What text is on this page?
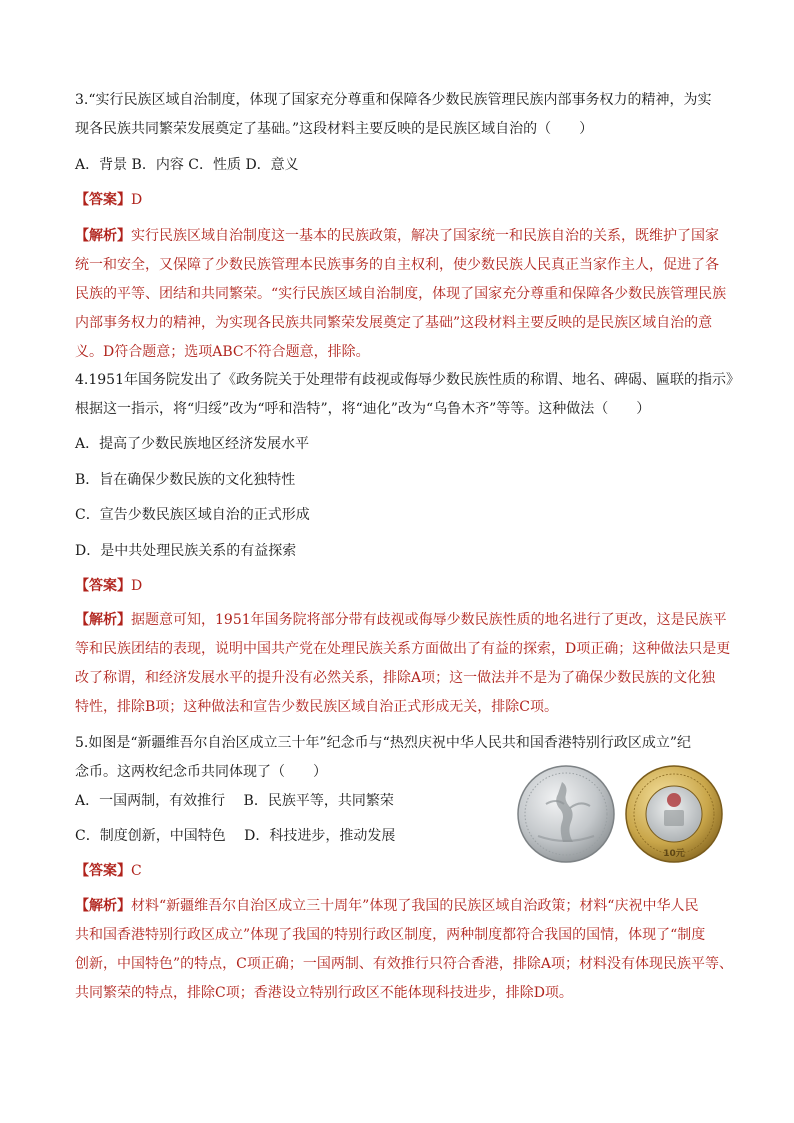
3.“实行民族区域自治制度，体现了国家充分尊重和保障各少数民族管理民族内部事务权力的精神，为实
现各民族共同繁荣发展奠定了基础。”这段材料主要反映的是民族区域自治的（　　）
A．背景 B．内容 C．性质 D．意义
【答案】D
【解析】实行民族区域自治制度这一基本的民族政策，解决了国家统一和民族自治的关系，既维护了国家
统一和安全，又保障了少数民族管理本民族事务的自主权利，使少数民族人民真正当家作主人，促进了各
民族的平等、团结和共同繁荣。“实行民族区域自治制度，体现了国家充分尊重和保障各少数民族管理民族
内部事务权力的精神，为实现各民族共同繁荣发展奠定了基础”这段材料主要反映的是民族区域自治的意
义。D符合题意；选项ABC不符合题意，排除。
4.1951年国务院发出了《政务院关于处理带有歧视或侮辱少数民族性质的称谓、地名、碑碣、匾联的指示》
根据这一指示，将“归绥”改为“呼和浩特”，将“迪化”改为“乌鲁木齐”等等。这种做法（　　）
A．提高了少数民族地区经济发展水平
B．旨在确保少数民族的文化独特性
C．宣告少数民族区域自治的正式形成
D．是中共处理民族关系的有益探索
【答案】D
【解析】据题意可知，1951年国务院将部分带有歧视或侮辱少数民族性质的地名进行了更改，这是民族平
等和民族团结的表现，说明中国共产党在处理民族关系方面做出了有益的探索，D项正确；这种做法只是更
改了称谓，和经济发展水平的提升没有必然关系，排除A项；这一做法并不是为了确保少数民族的文化独
特性，排除B项；这种做法和宣告少数民族区域自治正式形成无关，排除C项。
5.如图是“新疆维吾尔自治区成立三十年”纪念币与“热烈庆祝中华人民共和国香港特别行政区成立”纪
念币。这两枚纪念币共同体现了（　　）
A．一国两制，有效推行　 B．民族平等，共同繁荣
C．制度创新，中国特色　 D．科技进步，推动发展
【答案】C
【解析】材料“新疆维吾尔自治区成立三十周年”体现了我国的民族区域自治政策；材料“庆祝中华人民
共和国香港特别行政区成立”体现了我国的特别行政区制度，两种制度都符合我国的国情，体现了“制度
创新，中国特色”的特点，C项正确；一国两制、有效推行只符合香港，排除A项；材料没有体现民族平等、
共同繁荣的特点，排除C项；香港设立特别行政区不能体现科技进步，排除D项。
10元
